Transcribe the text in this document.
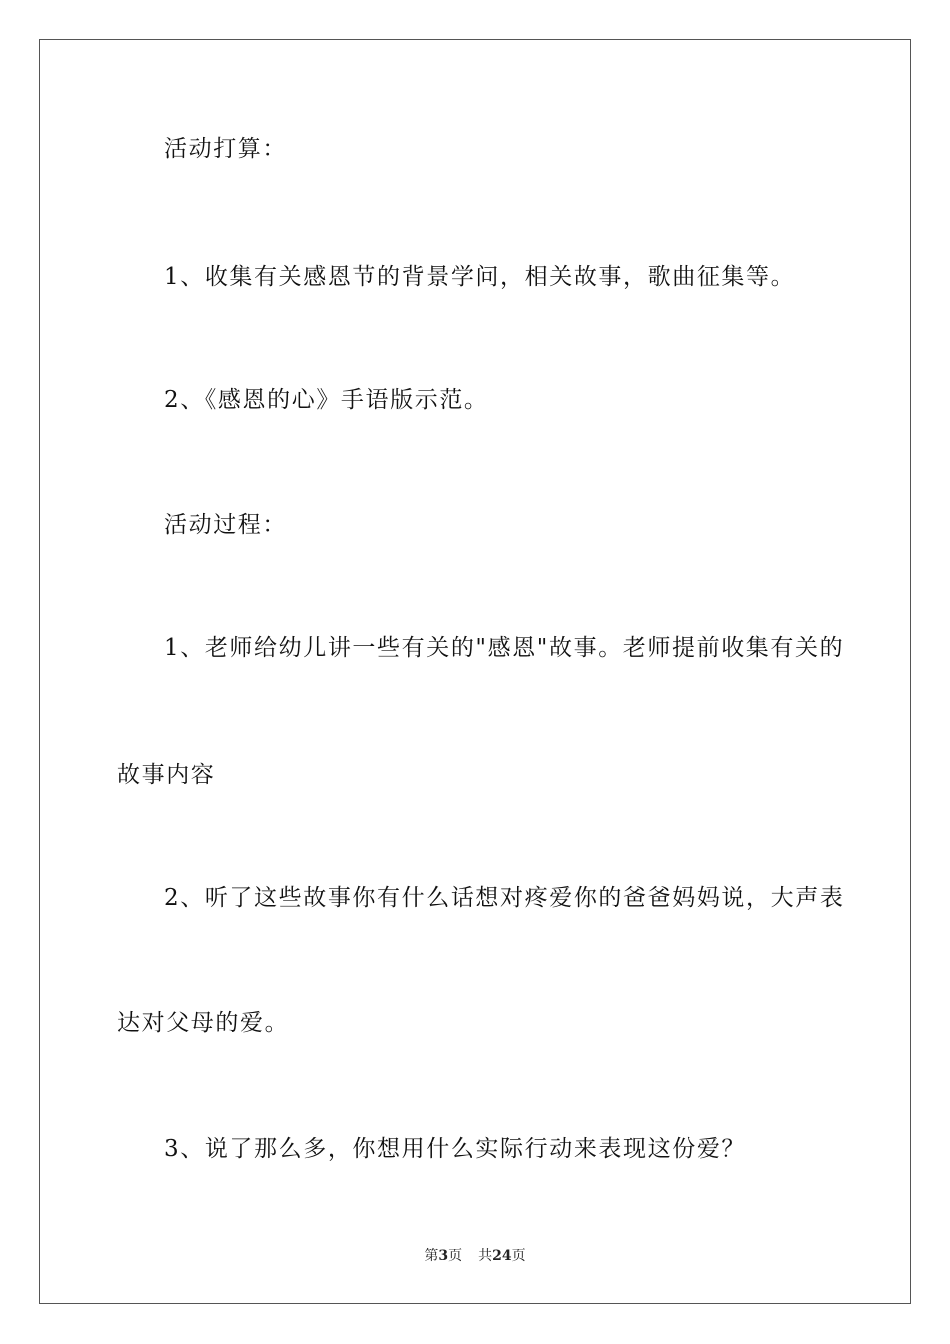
活动打算：
1、收集有关感恩节的背景学问，相关故事，歌曲征集等。
2、《感恩的心》手语版示范。
活动过程：
1、老师给幼儿讲一些有关的"感恩"故事。老师提前收集有关的
故事内容
2、听了这些故事你有什么话想对疼爱你的爸爸妈妈说，大声表
达对父母的爱。
3、说了那么多，你想用什么实际行动来表现这份爱？
第3页 共24页
